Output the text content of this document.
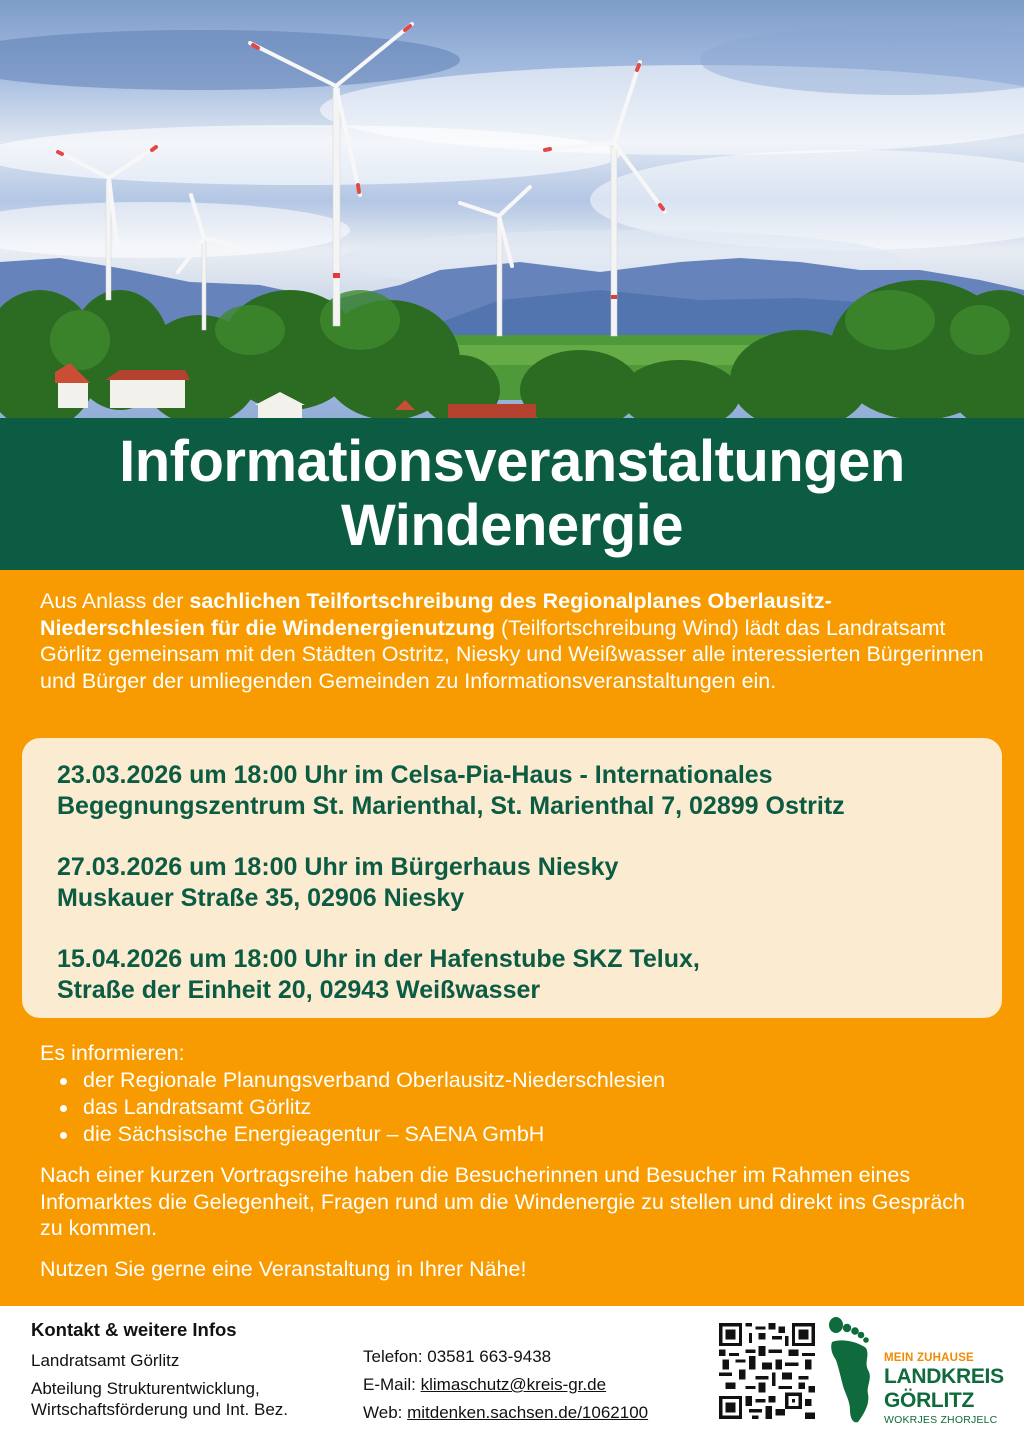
Informationsveranstaltungen
Windenergie
Aus Anlass der sachlichen Teilfortschreibung des Regionalplanes Oberlausitz-Niederschlesien für die Windenergienutzung (Teilfortschreibung Wind) lädt das Landratsamt Görlitz gemeinsam mit den Städten Ostritz, Niesky und Weißwasser alle interessierten Bürgerinnen und Bürger der umliegenden Gemeinden zu Informationsveranstaltungen ein.
23.03.2026 um 18:00 Uhr im Celsa-Pia-Haus - Internationales
Begegnungszentrum St. Marienthal, St. Marienthal 7, 02899 Ostritz
27.03.2026 um 18:00 Uhr im Bürgerhaus Niesky
Muskauer Straße 35, 02906 Niesky
15.04.2026 um 18:00 Uhr in der Hafenstube SKZ Telux,
Straße der Einheit 20, 02943 Weißwasser
Es informieren:
der Regionale Planungsverband Oberlausitz-Niederschlesien
das Landratsamt Görlitz
die Sächsische Energieagentur – SAENA GmbH

Nach einer kurzen Vortragsreihe haben die Besucherinnen und Besucher im Rahmen eines Infomarktes die Gelegenheit, Fragen rund um die Windenergie zu stellen und direkt ins Gespräch zu kommen.

Nutzen Sie gerne eine Veranstaltung in Ihrer Nähe!

Kontakt & weitere Infos
Landratsamt Görlitz
Abteilung Strukturentwicklung,
Wirtschaftsförderung und Int. Bez.
Telefon: 03581 663-9438
E-Mail: klimaschutz@kreis-gr.de
Web: mitdenken.sachsen.de/1062100
MEIN ZUHAUSE
LANDKREIS
GÖRLITZ
WOKRJES ZHORJELC
